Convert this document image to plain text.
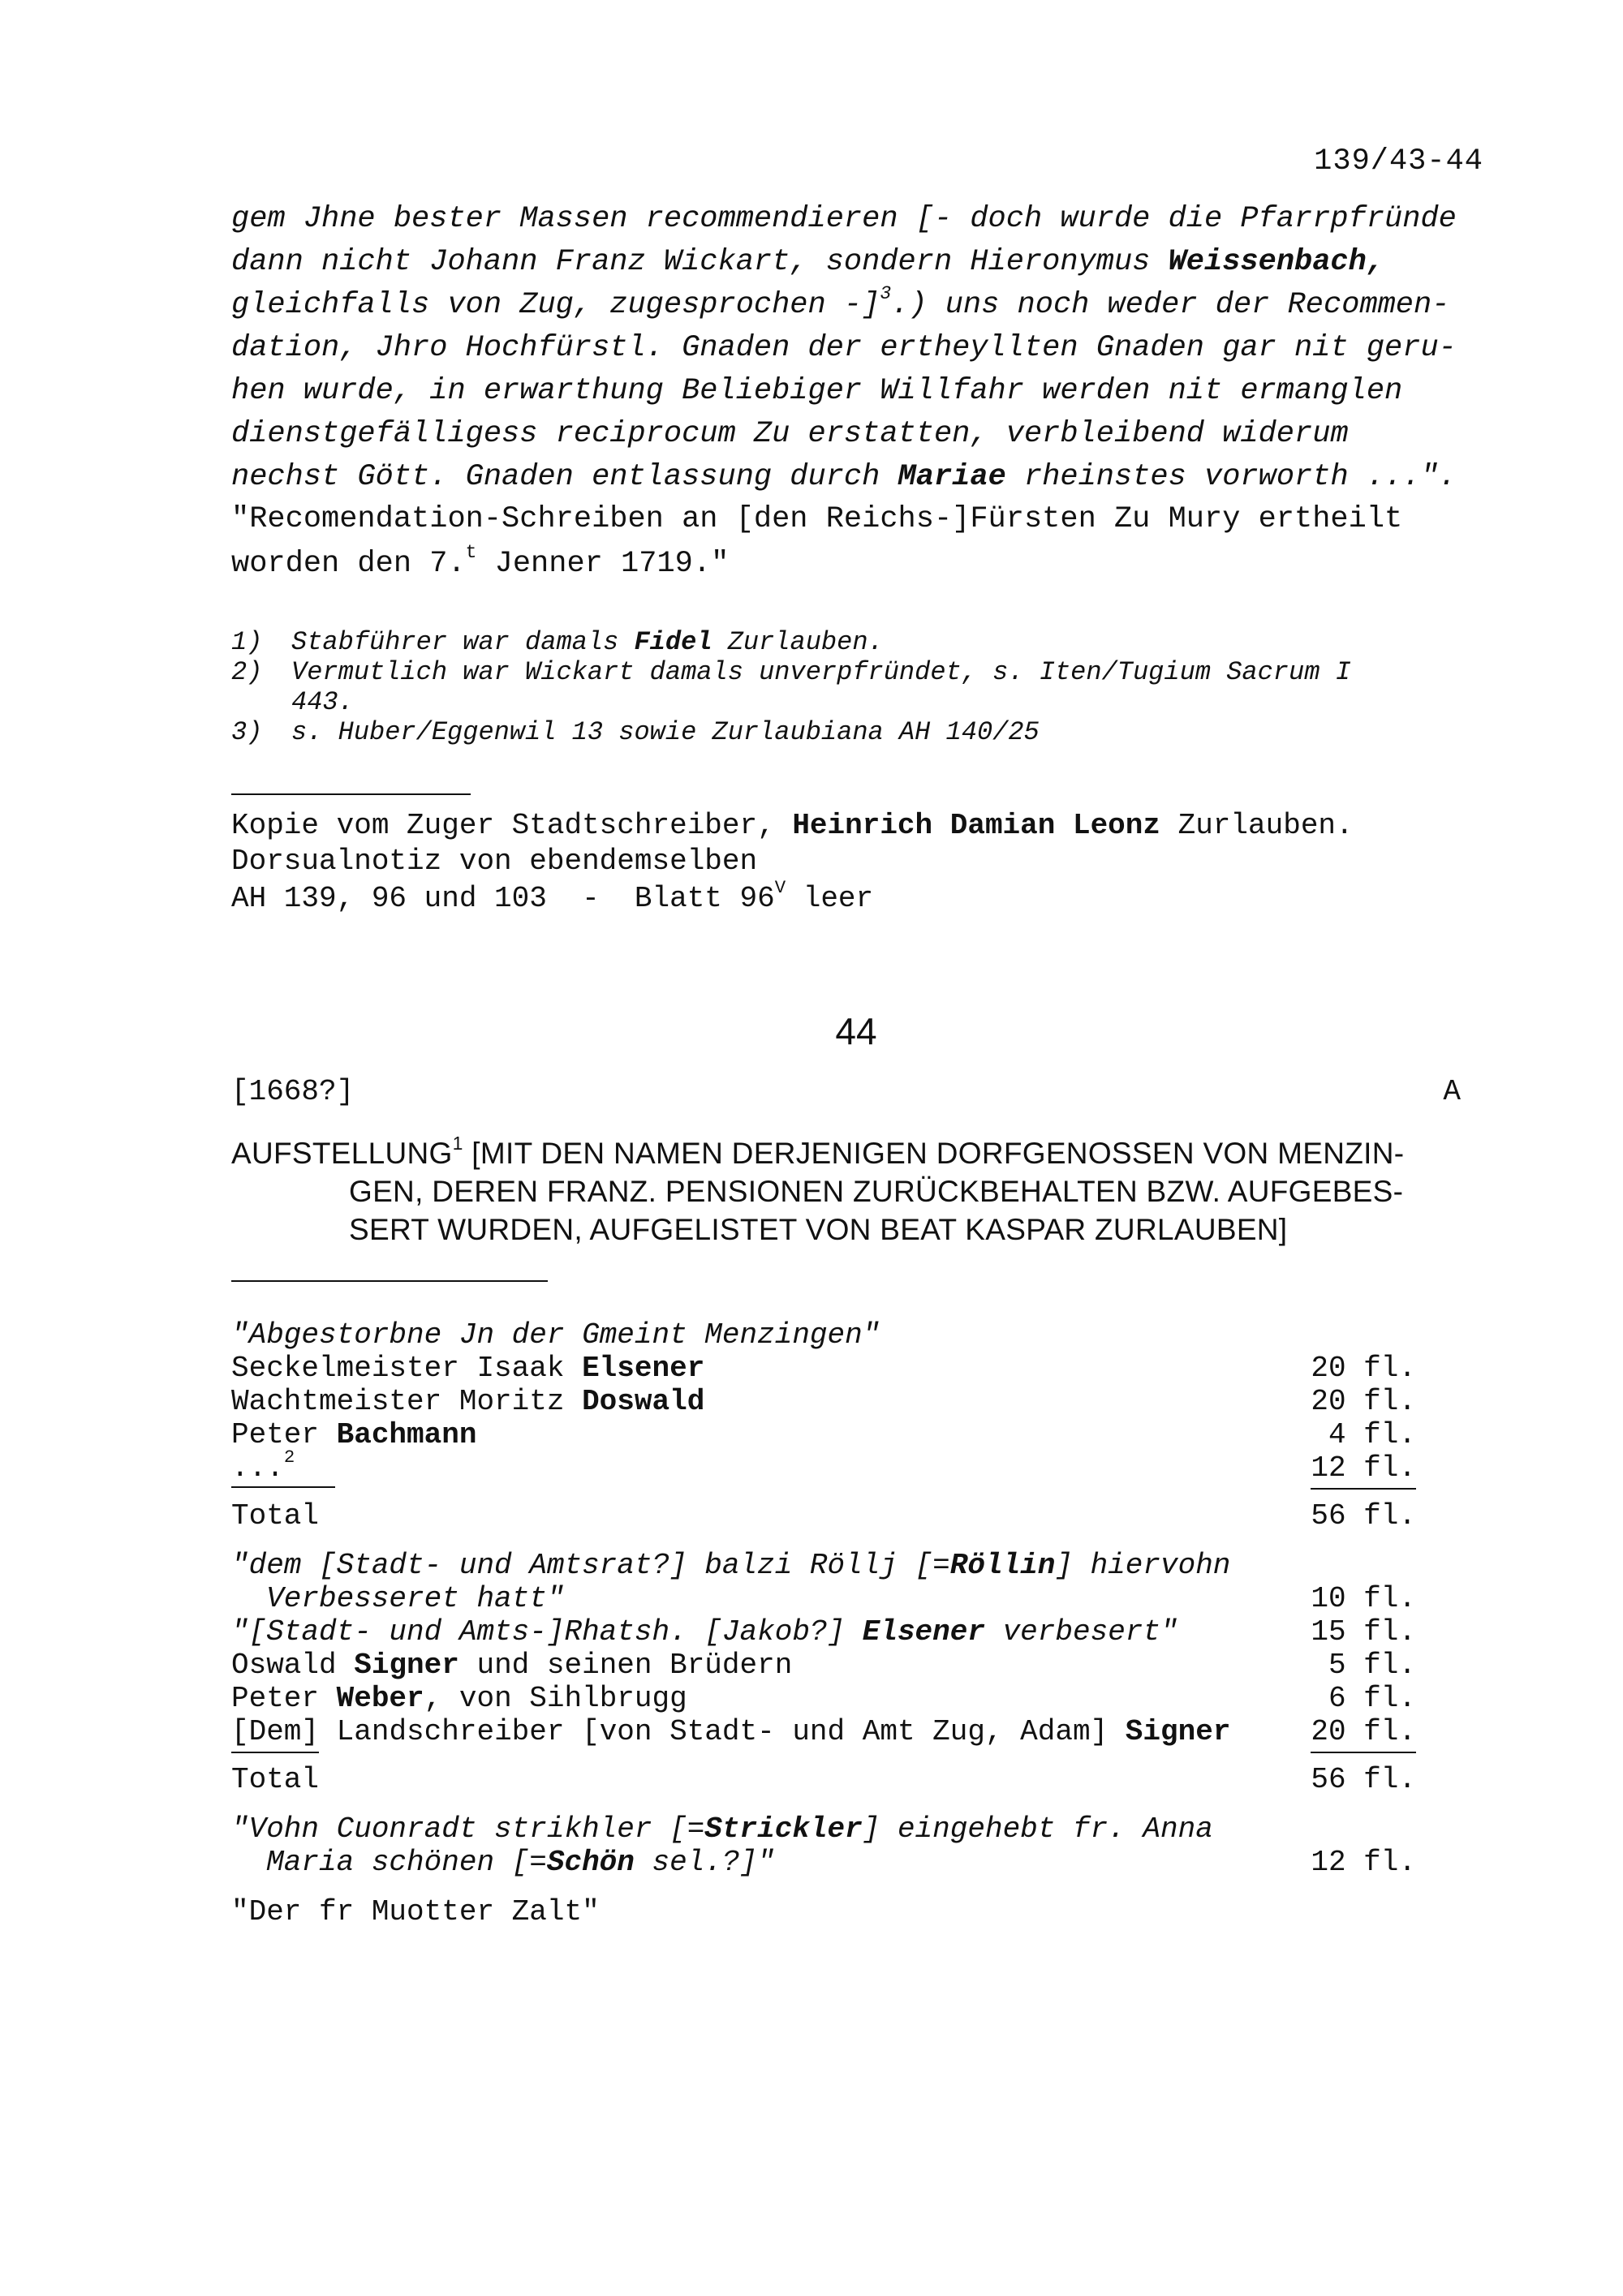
139/43-44
gem Jhne bester Massen recommendieren [- doch wurde die Pfarrpfründe
dann nicht Johann Franz Wickart, sondern Hieronymus Weissenbach,
gleichfalls von Zug, zugesprochen -]$^3$.) uns noch weder der Recommen-
dation, Jhro Hochfürstl. Gnaden der ertheyllten Gnaden gar nit geru-
hen wurde, in erwarthung Beliebiger Willfahr werden nit ermanglen
dienstgefälligess reciprocum Zu erstatten, verbleibend widerum
nechst Gött. Gnaden entlassung durch Mariae rheinstes vorworth ...".
"Recomendation-Schreiben an [den Reichs-]Fürsten Zu Mury ertheilt
worden den 7.$^t$ Jenner 1719."
1) Stabführer war damals Fidel Zurlauben.
2) Vermutlich war Wickart damals unverpfründet, s. Iten/Tugium Sacrum I
443.
3) s. Huber/Eggenwil 13 sowie Zurlaubiana AH 140/25
Kopie vom Zuger Stadtschreiber, Heinrich Damian Leonz Zurlauben.
Dorsualnotiz von ebendemselben
AH 139, 96 und 103  -  Blatt $96^V$ leer
44
[1668?]	A
AUFSTELLUNG$^1$ [MIT DEN NAMEN DERJENIGEN DORFGENOSSEN VON MENZIN-
GEN, DEREN FRANZ. PENSIONEN ZURÜCKBEHALTEN BZW. AUFGEBES-
SERT WURDEN, AUFGELISTET VON BEAT KASPAR ZURLAUBEN]
"Abgestorbne Jn der Gmeint Menzingen"
Seckelmeister Isaak Elsener	20 fl.
Wachtmeister Moritz Doswald	20 fl.
Peter Bachmann	4 fl.
...$^2$	12 fl.
Total	56 fl.
"dem [Stadt- und Amtsrat?] balzi Röllj [=Röllin] hiervohn
Verbesseret hatt"	10 fl.
"[Stadt- und Amts-]Rhatsh. [Jakob?] Elsener verbesert"	15 fl.
Oswald Signer und seinen Brüdern	5 fl.
Peter Weber, von Sihlbrugg	6 fl.
[Dem] Landschreiber [von Stadt- und Amt Zug, Adam] Signer	20 fl.
Total	56 fl.
"Vohn Cuonradt strikhler [=Strickler] eingehebt fr. Anna
Maria schönen [=Schön sel.?]"	12 fl.
"Der fr Muotter Zalt"
